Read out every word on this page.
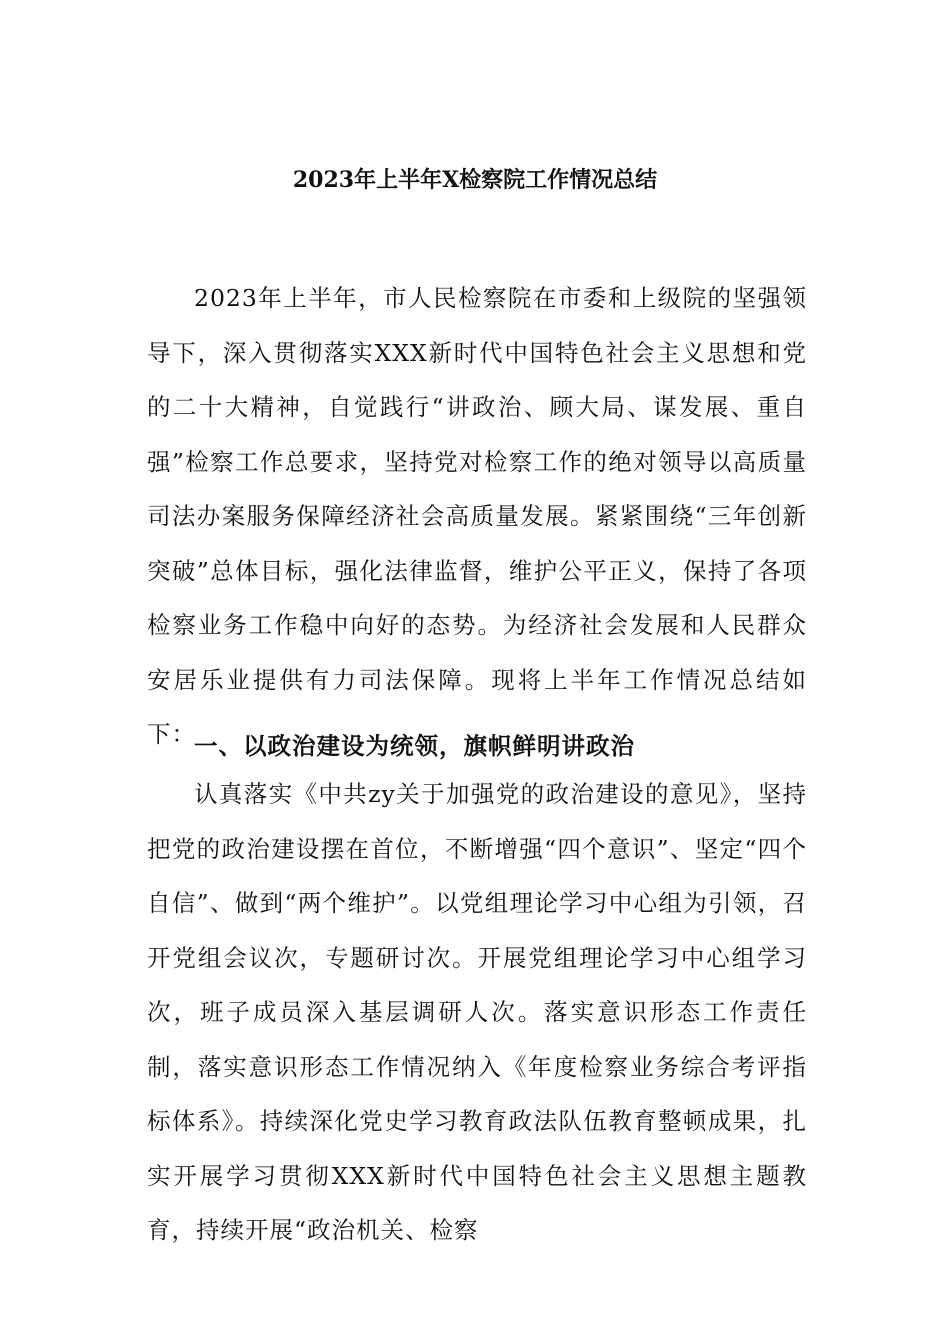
2023年上半年X检察院工作情况总结

2023年上半年，市人民检察院在市委和上级院的坚强领导下，深入贯彻落实XXX新时代中国特色社会主义思想和党的二十大精神，自觉践行“讲政治、顾大局、谋发展、重自强”检察工作总要求，坚持党对检察工作的绝对领导以高质量司法办案服务保障经济社会高质量发展。紧紧围绕“三年创新突破”总体目标，强化法律监督，维护公平正义，保持了各项检察业务工作稳中向好的态势。为经济社会发展和人民群众安居乐业提供有力司法保障。现将上半年工作情况总结如下：

一、以政治建设为统领，旗帜鲜明讲政治

认真落实《中共zy关于加强党的政治建设的意见》，坚持把党的政治建设摆在首位，不断增强“四个意识”、坚定“四个自信”、做到“两个维护”。以党组理论学习中心组为引领，召开党组会议次，专题研讨次。开展党组理论学习中心组学习次，班子成员深入基层调研人次。落实意识形态工作责任制，落实意识形态工作情况纳入《年度检察业务综合考评指标体系》。持续深化党史学习教育政法队伍教育整顿成果，扎实开展学习贯彻XXX新时代中国特色社会主义思想主题教育，持续开展“政治机关、检察
